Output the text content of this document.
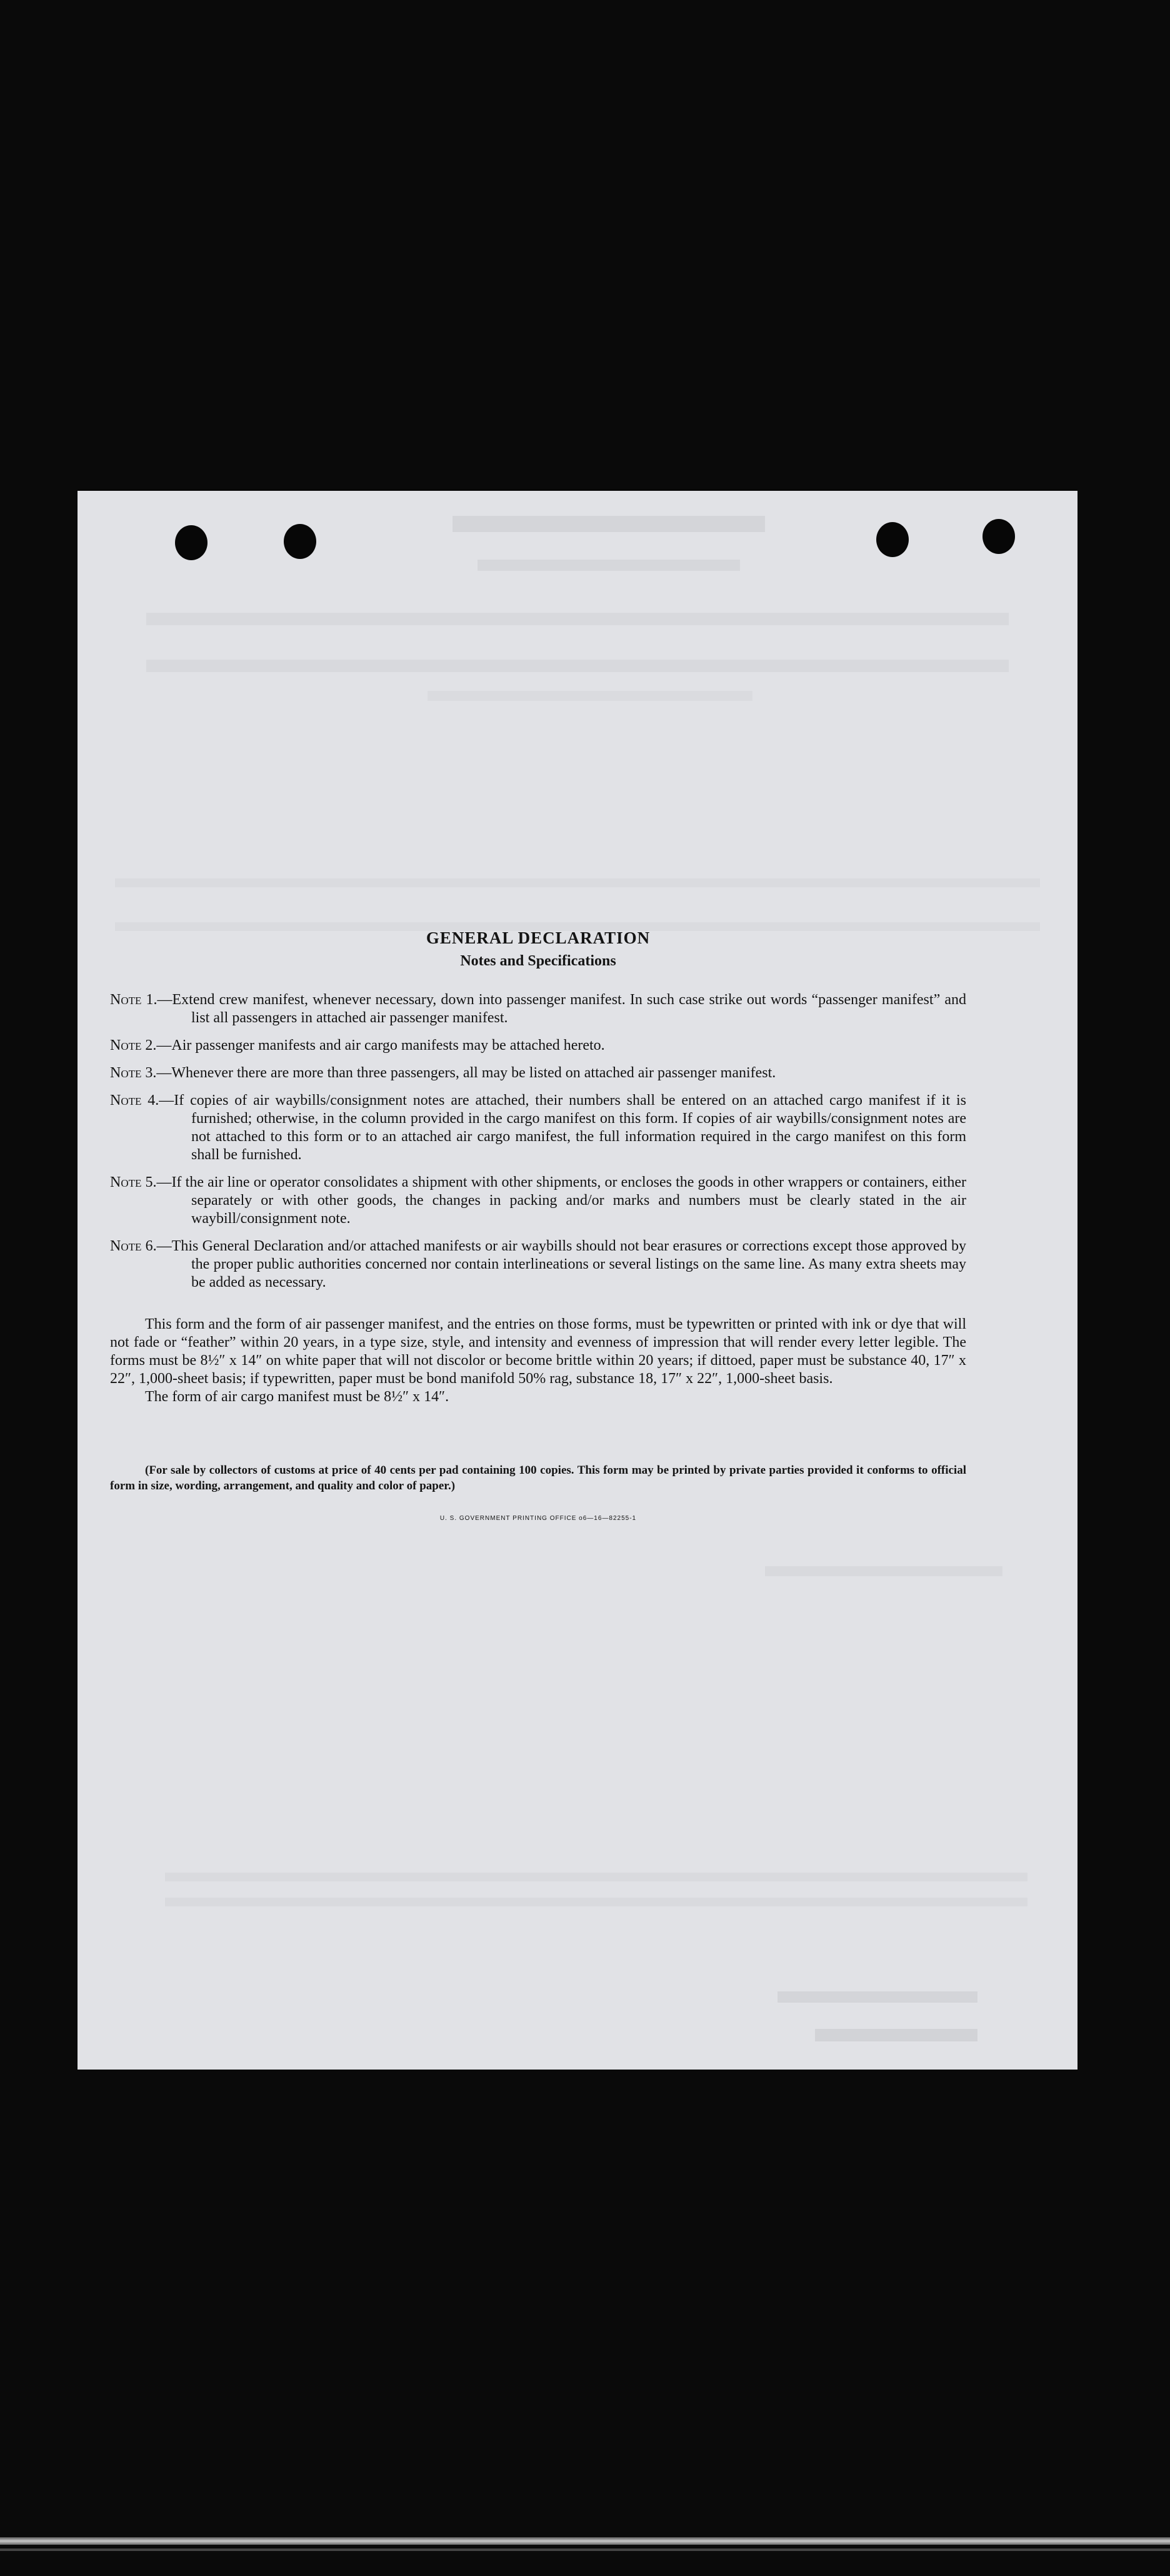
GENERAL DECLARATION

Notes and Specifications

Note 1.—Extend crew manifest, whenever necessary, down into passenger manifest. In such case strike out words “passenger manifest” and list all passengers in attached air passenger manifest.

Note 2.—Air passenger manifests and air cargo manifests may be attached hereto.

Note 3.—Whenever there are more than three passengers, all may be listed on attached air passenger manifest.

Note 4.—If copies of air waybills/consignment notes are attached, their numbers shall be entered on an attached cargo manifest if it is furnished; otherwise, in the column provided in the cargo manifest on this form. If copies of air waybills/consignment notes are not attached to this form or to an attached air cargo manifest, the full information required in the cargo manifest on this form shall be furnished.

Note 5.—If the air line or operator consolidates a shipment with other shipments, or encloses the goods in other wrappers or containers, either separately or with other goods, the changes in packing and/or marks and numbers must be clearly stated in the air waybill/consignment note.

Note 6.—This General Declaration and/or attached manifests or air waybills should not bear erasures or corrections except those approved by the proper public authorities concerned nor contain interlineations or several listings on the same line. As many extra sheets may be added as necessary.

This form and the form of air passenger manifest, and the entries on those forms, must be typewritten or printed with ink or dye that will not fade or “feather” within 20 years, in a type size, style, and intensity and evenness of impression that will render every letter legible. The forms must be 8½″ x 14″ on white paper that will not discolor or become brittle within 20 years; if dittoed, paper must be substance 40, 17″ x 22″, 1,000-sheet basis; if typewritten, paper must be bond manifold 50% rag, substance 18, 17″ x 22″, 1,000-sheet basis.

The form of air cargo manifest must be 8½″ x 14″.

(For sale by collectors of customs at price of 40 cents per pad containing 100 copies. This form may be printed by private parties provided it conforms to official form in size, wording, arrangement, and quality and color of paper.)

U. S. GOVERNMENT PRINTING OFFICE o6—16—82255-1
